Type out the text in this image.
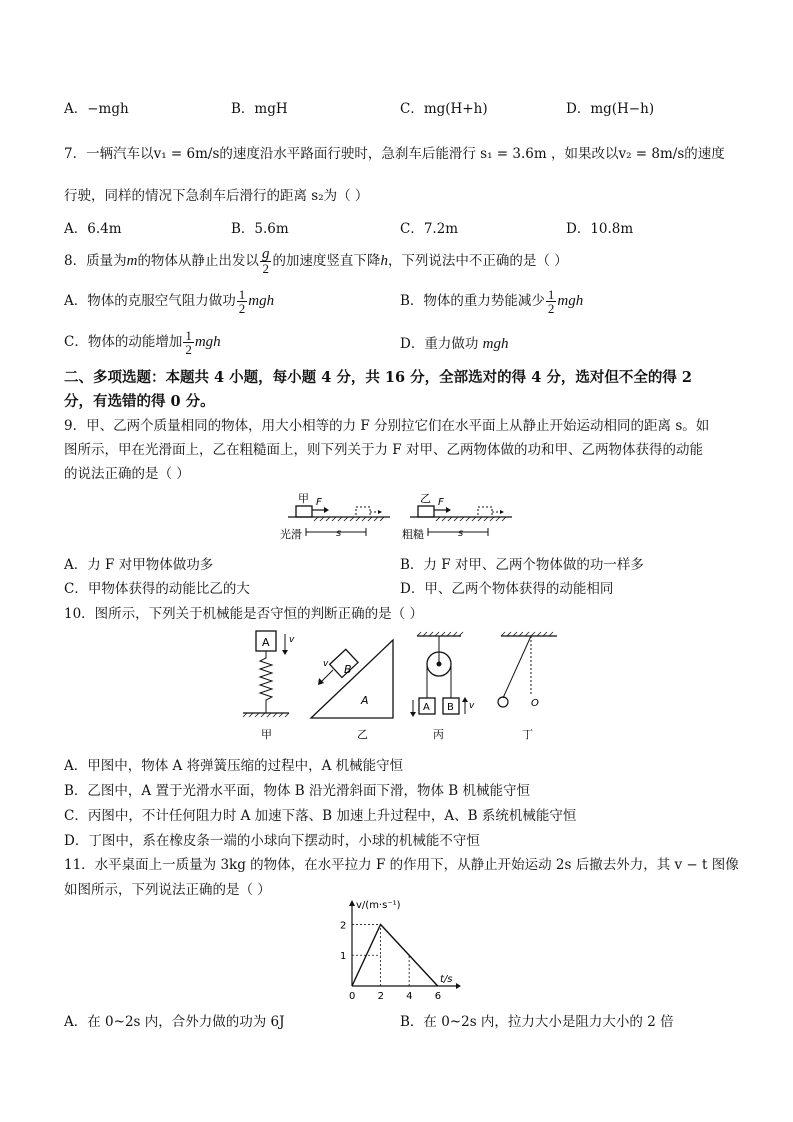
A．−mgh	B．mgH	C．mg(H+h)	D．mg(H−h)
7．一辆汽车以v₁ = 6m/s的速度沿水平路面行驶时，急刹车后能滑行 s₁ = 3.6m ，如果改以v₂ = 8m/s的速度
行驶，同样的情况下急刹车后滑行的距离 s₂为（ ）
A．6.4m	B．5.6m	C．7.2m	D．10.8m
8．质量为m的物体从静止出发以 $\frac{g}{2}$ 的加速度竖直下降h，下列说法中不正确的是（ ）
A．物体的克服空气阻力做功 $\frac{1}{2}$ mgh	B．物体的重力势能减少 $\frac{1}{2}$ mgh
C．物体的动能增加 $\frac{1}{2}$ mgh	D．重力做功 mgh
二、多项选题：本题共 4 小题，每小题 4 分，共 16 分，全部选对的得 4 分，选对但不全的得 2
分，有选错的得 0 分。
9．甲、乙两个质量相同的物体，用大小相等的力 F 分别拉它们在水平面上从静止开始运动相同的距离 s。如
图所示，甲在光滑面上，乙在粗糙面上，则下列关于力 F 对甲、乙两物体做的功和甲、乙两物体获得的动能
的说法正确的是（ ）
甲 F
光滑	s
乙 F
粗糙	s
A．力 F 对甲物体做功多	B．力 F 对甲、乙两个物体做的功一样多
C．甲物体获得的动能比乙的大	D．甲、乙两个物体获得的动能相同
10．图所示，下列关于机械能是否守恒的判断正确的是（ ）
A v
甲
A
B
v
乙
A B v
丙
O
丁
A．甲图中，物体 A 将弹簧压缩的过程中，A 机械能守恒
B．乙图中，A 置于光滑水平面，物体 B 沿光滑斜面下滑，物体 B 机械能守恒
C．丙图中，不计任何阻力时 A 加速下落、B 加速上升过程中，A、B 系统机械能守恒
D．丁图中，系在橡皮条一端的小球向下摆动时，小球的机械能不守恒
11．水平桌面上一质量为 3kg 的物体，在水平拉力 F 的作用下，从静止开始运动 2s 后撤去外力，其 v − t 图像
如图所示，下列说法正确的是（ ）
t/s
v/(m·s⁻¹)
0 2 4 6
1
2
A．在 0~2s 内，合外力做的功为 6J	B．在 0~2s 内，拉力大小是阻力大小的 2 倍
